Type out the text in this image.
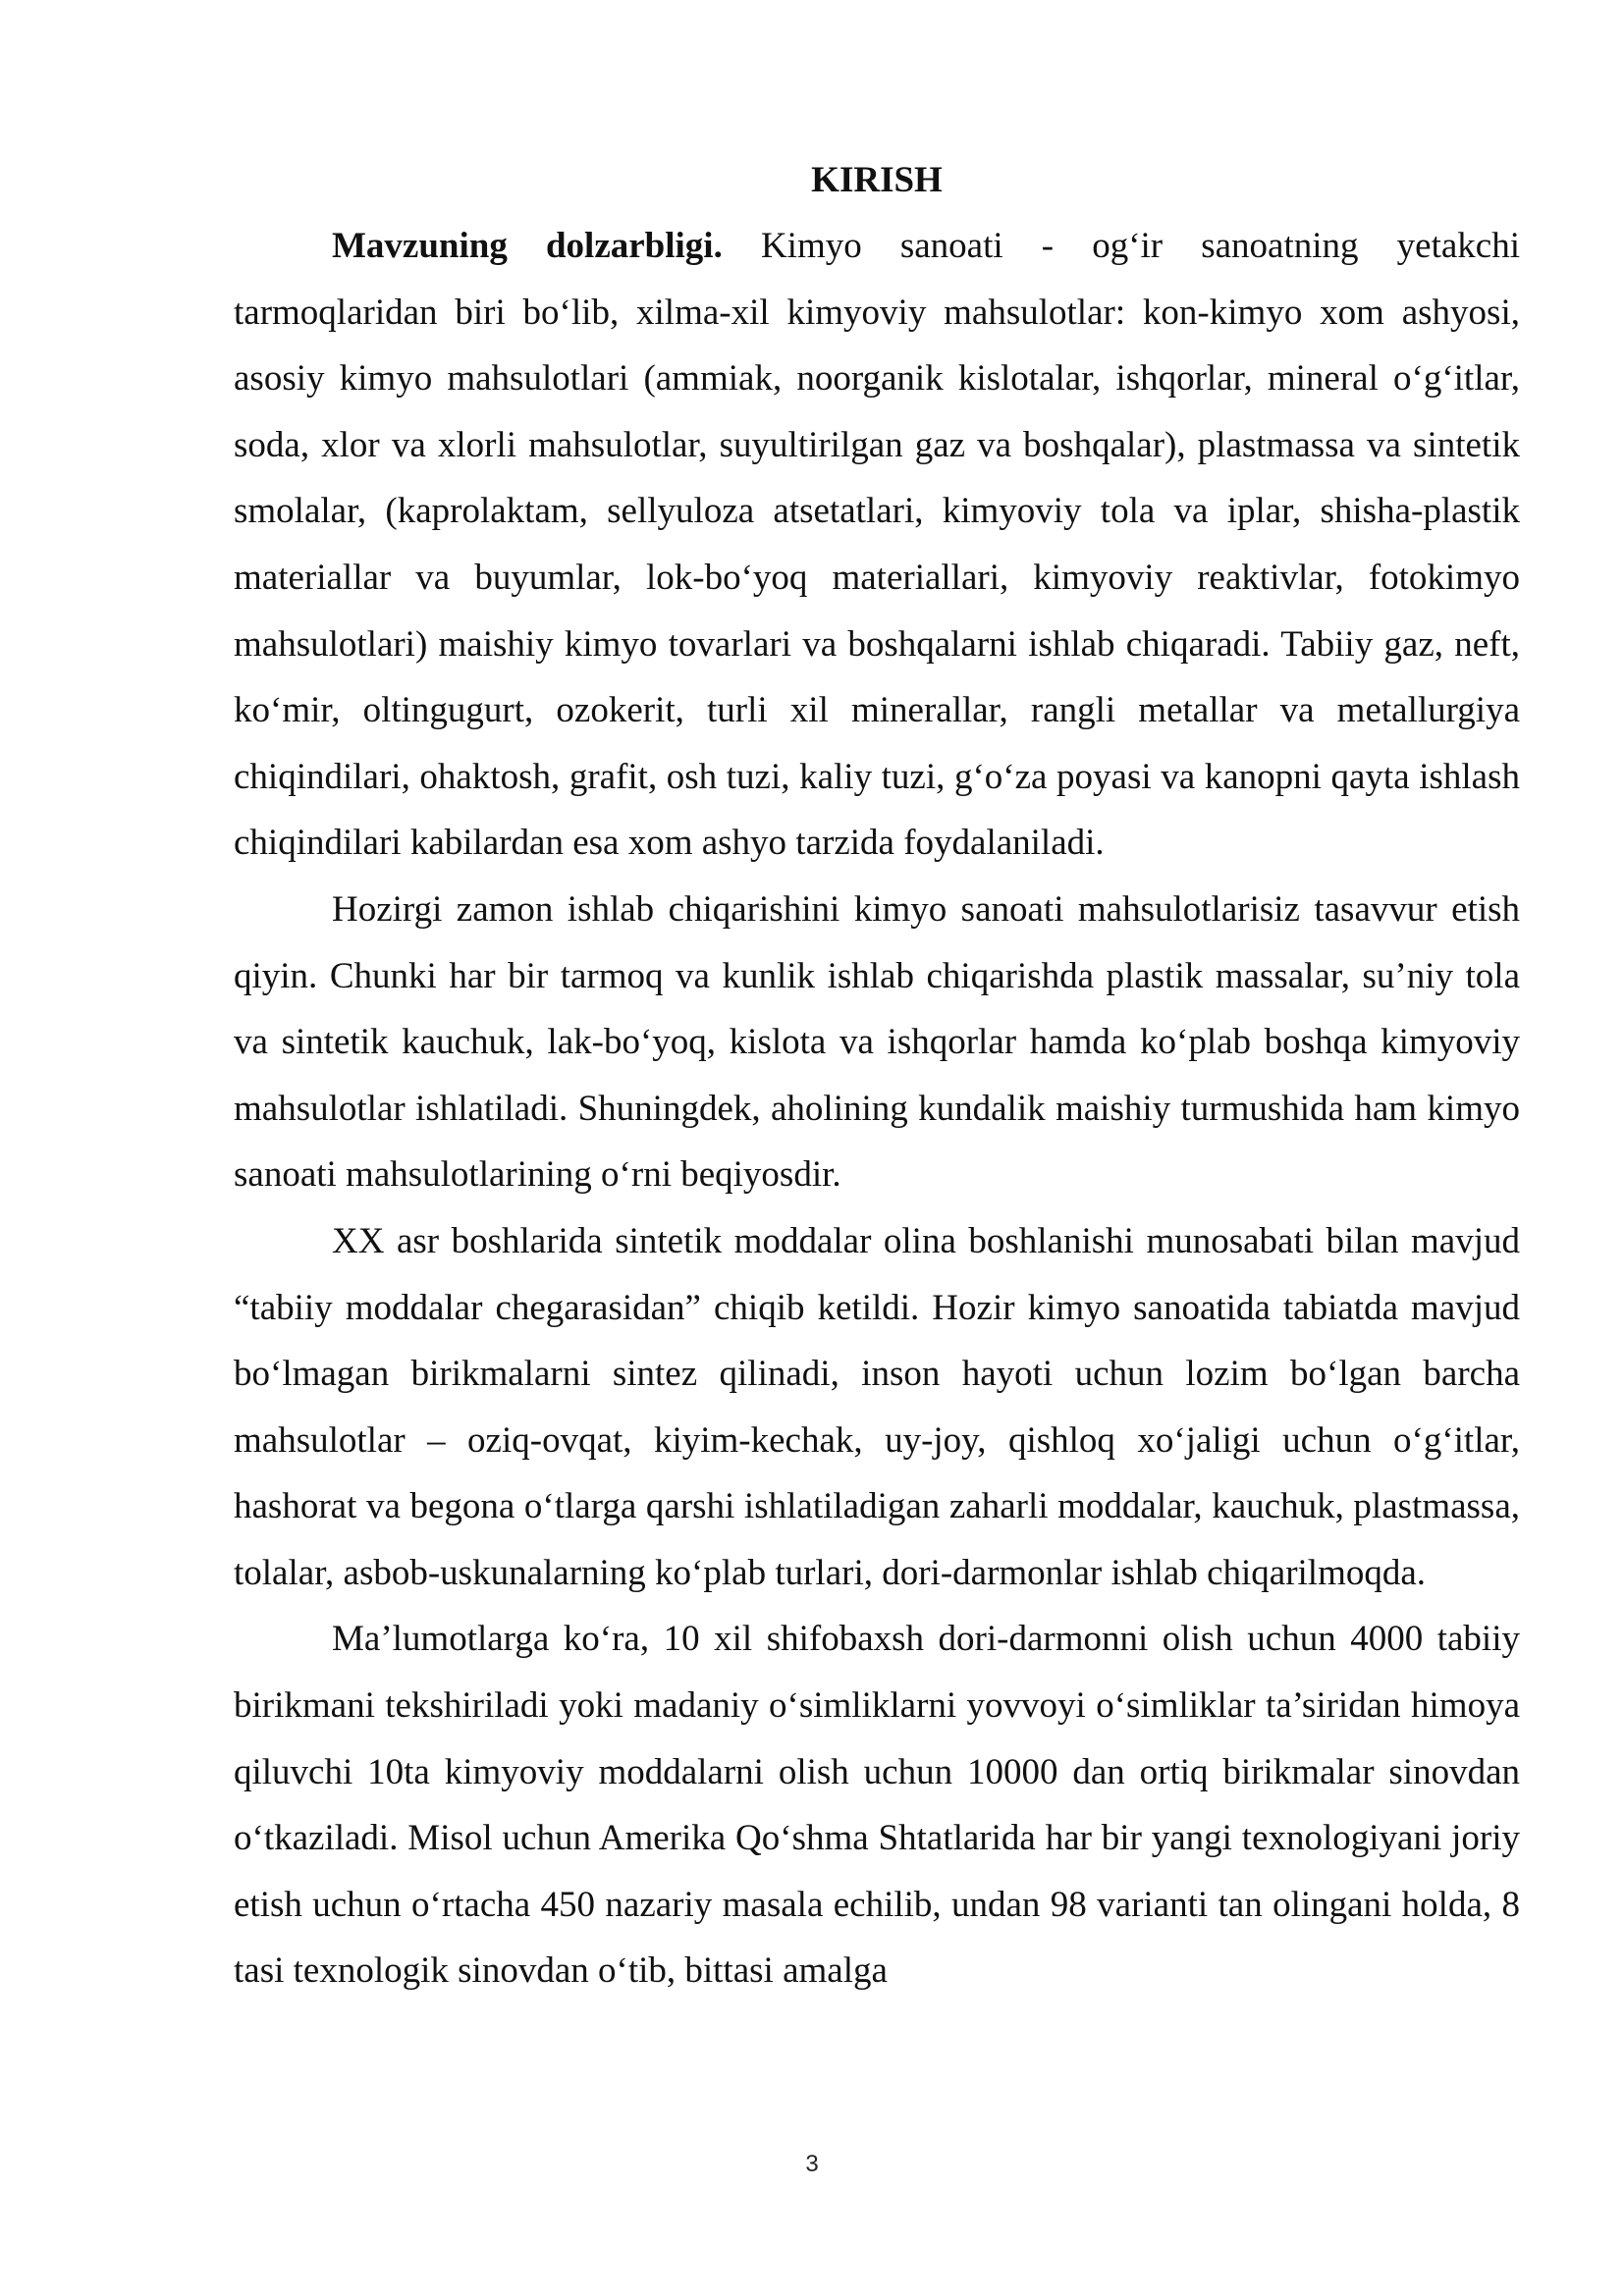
KIRISH

Mavzuning dolzarbligi. Kimyo sanoati - og‘ir sanoatning yetakchi tarmoqlaridan biri bo‘lib, xilma-xil kimyoviy mahsulotlar: kon-kimyo xom ashyosi, asosiy kimyo mahsulotlari (ammiak, noorganik kislotalar, ishqorlar, mineral o‘g‘itlar, soda, xlor va xlorli mahsulotlar, suyultirilgan gaz va boshqalar), plastmassa va sintetik smolalar, (kaprolaktam, sellyuloza atsetatlari, kimyoviy tola va iplar, shisha-plastik materiallar va buyumlar, lok-bo‘yoq materiallari, kimyoviy reaktivlar, fotokimyo mahsulotlari) maishiy kimyo tovarlari va boshqalarni ishlab chiqaradi. Tabiiy gaz, neft, ko‘mir, oltingugurt, ozokerit, turli xil minerallar, rangli metallar va metallurgiya chiqindilari, ohaktosh, grafit, osh tuzi, kaliy tuzi, g‘o‘za poyasi va kanopni qayta ishlash chiqindilari kabilardan esa xom ashyo tarzida foydalaniladi.

Hozirgi zamon ishlab chiqarishini kimyo sanoati mahsulotlarisiz tasavvur etish qiyin. Chunki har bir tarmoq va kunlik ishlab chiqarishda plastik massalar, su’niy tola va sintetik kauchuk, lak-bo‘yoq, kislota va ishqorlar hamda ko‘plab boshqa kimyoviy mahsulotlar ishlatiladi. Shuningdek, aholining kundalik maishiy turmushida ham kimyo sanoati mahsulotlarining o‘rni beqiyosdir.

XX asr boshlarida sintetik moddalar olina boshlanishi munosabati bilan mavjud “tabiiy moddalar chegarasidan” chiqib ketildi. Hozir kimyo sanoatida tabiatda mavjud bo‘lmagan birikmalarni sintez qilinadi, inson hayoti uchun lozim bo‘lgan barcha mahsulotlar – oziq-ovqat, kiyim-kechak, uy-joy, qishloq xo‘jaligi uchun o‘g‘itlar, hashorat va begona o‘tlarga qarshi ishlatiladigan zaharli moddalar, kauchuk, plastmassa, tolalar, asbob-uskunalarning ko‘plab turlari, dori-darmonlar ishlab chiqarilmoqda.

Ma’lumotlarga ko‘ra, 10 xil shifobaxsh dori-darmonni olish uchun 4000 tabiiy birikmani tekshiriladi yoki madaniy o‘simliklarni yovvoyi o‘simliklar ta’siridan himoya qiluvchi 10ta kimyoviy moddalarni olish uchun 10000 dan ortiq birikmalar sinovdan o‘tkaziladi. Misol uchun Amerika Qo‘shma Shtatlarida har bir yangi texnologiyani joriy etish uchun o‘rtacha 450 nazariy masala echilib, undan 98 varianti tan olingani holda, 8 tasi texnologik sinovdan o‘tib, bittasi amalga

3
